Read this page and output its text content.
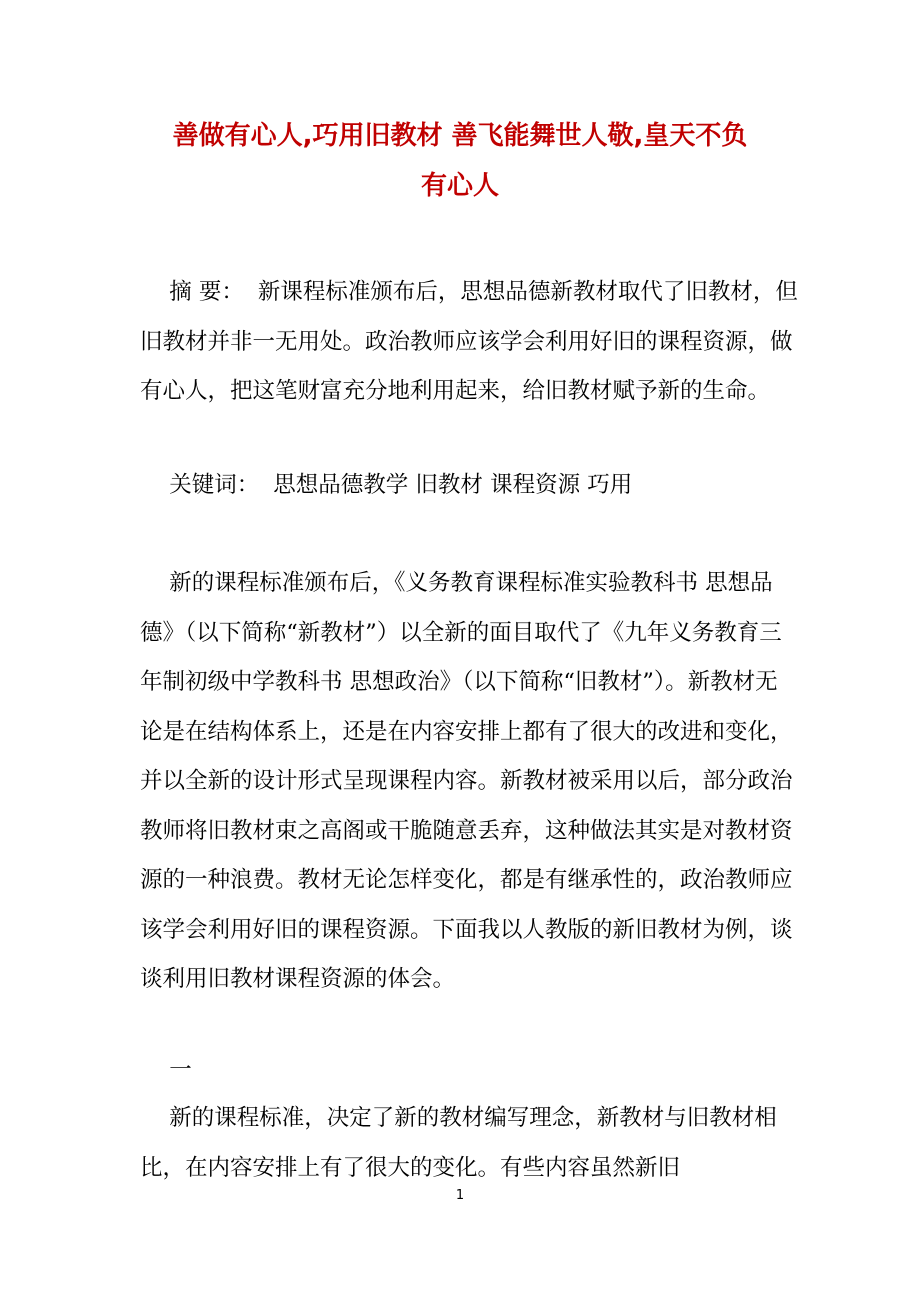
善做有心人,巧用旧教材 善飞能舞世人敬,皇天不负
有心人

摘 要： 新课程标准颁布后，思想品德新教材取代了旧教材，但旧教材并非一无用处。政治教师应该学会利用好旧的课程资源，做有心人，把这笔财富充分地利用起来，给旧教材赋予新的生命。

关键词： 思想品德教学 旧教材 课程资源 巧用

新的课程标准颁布后，《义务教育课程标准实验教科书 思想品德》（以下简称“新教材”）以全新的面目取代了《九年义务教育三年制初级中学教科书 思想政治》（以下简称“旧教材”）。新教材无论是在结构体系上，还是在内容安排上都有了很大的改进和变化，并以全新的设计形式呈现课程内容。新教材被采用以后，部分政治教师将旧教材束之高阁或干脆随意丢弃，这种做法其实是对教材资源的一种浪费。教材无论怎样变化，都是有继承性的，政治教师应该学会利用好旧的课程资源。下面我以人教版的新旧教材为例，谈谈利用旧教材课程资源的体会。

一

新的课程标准，决定了新的教材编写理念，新教材与旧教材相比，在内容安排上有了很大的变化。有些内容虽然新旧

1
